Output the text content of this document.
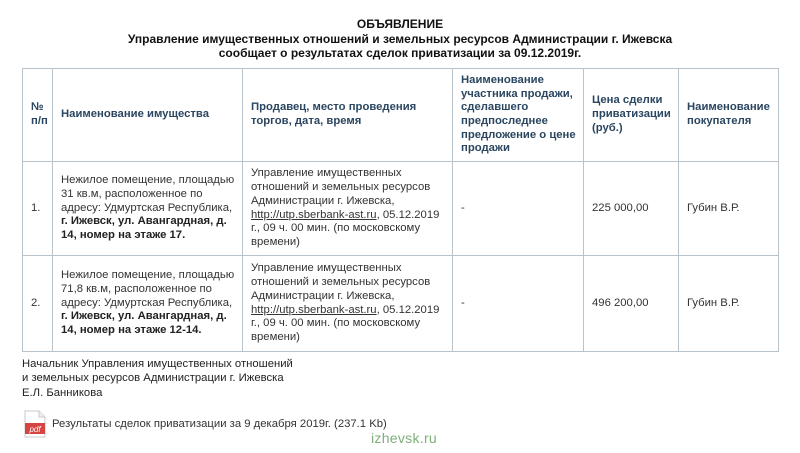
ОБЪЯВЛЕНИЕ
Управление имущественных отношений и земельных ресурсов Администрации г. Ижевска
сообщает о результатах сделок приватизации за 09.12.2019г.
№ п/п	Наименование имущества	Продавец, место проведения торгов, дата, время	Наименование участника продажи, сделавшего предпоследнее предложение о цене продажи	Цена сделки приватизации (руб.)	Наименование покупателя
1.	Нежилое помещение, площадью 31 кв.м, расположенное по адресу: Удмуртская Республика, г. Ижевск, ул. Авангардная, д. 14, номер на этаже 17.	Управление имущественных отношений и земельных ресурсов Администрации г. Ижевска, http://utp.sberbank-ast.ru, 05.12.2019 г., 09 ч. 00 мин. (по московскому времени)	-	225 000,00	Губин В.Р.
2.	Нежилое помещение, площадью 71,8 кв.м, расположенное по адресу: Удмуртская Республика, г. Ижевск, ул. Авангардная, д. 14, номер на этаже 12-14.	Управление имущественных отношений и земельных ресурсов Администрации г. Ижевска, http://utp.sberbank-ast.ru, 05.12.2019 г., 09 ч. 00 мин. (по московскому времени)	-	496 200,00	Губин В.Р.
Начальник Управления имущественных отношений
и земельных ресурсов Администрации г. Ижевска
Е.Л. Банникова
pdf Результаты сделок приватизации за 9 декабря 2019г. (237.1 Kb)
izhevsk.ru
